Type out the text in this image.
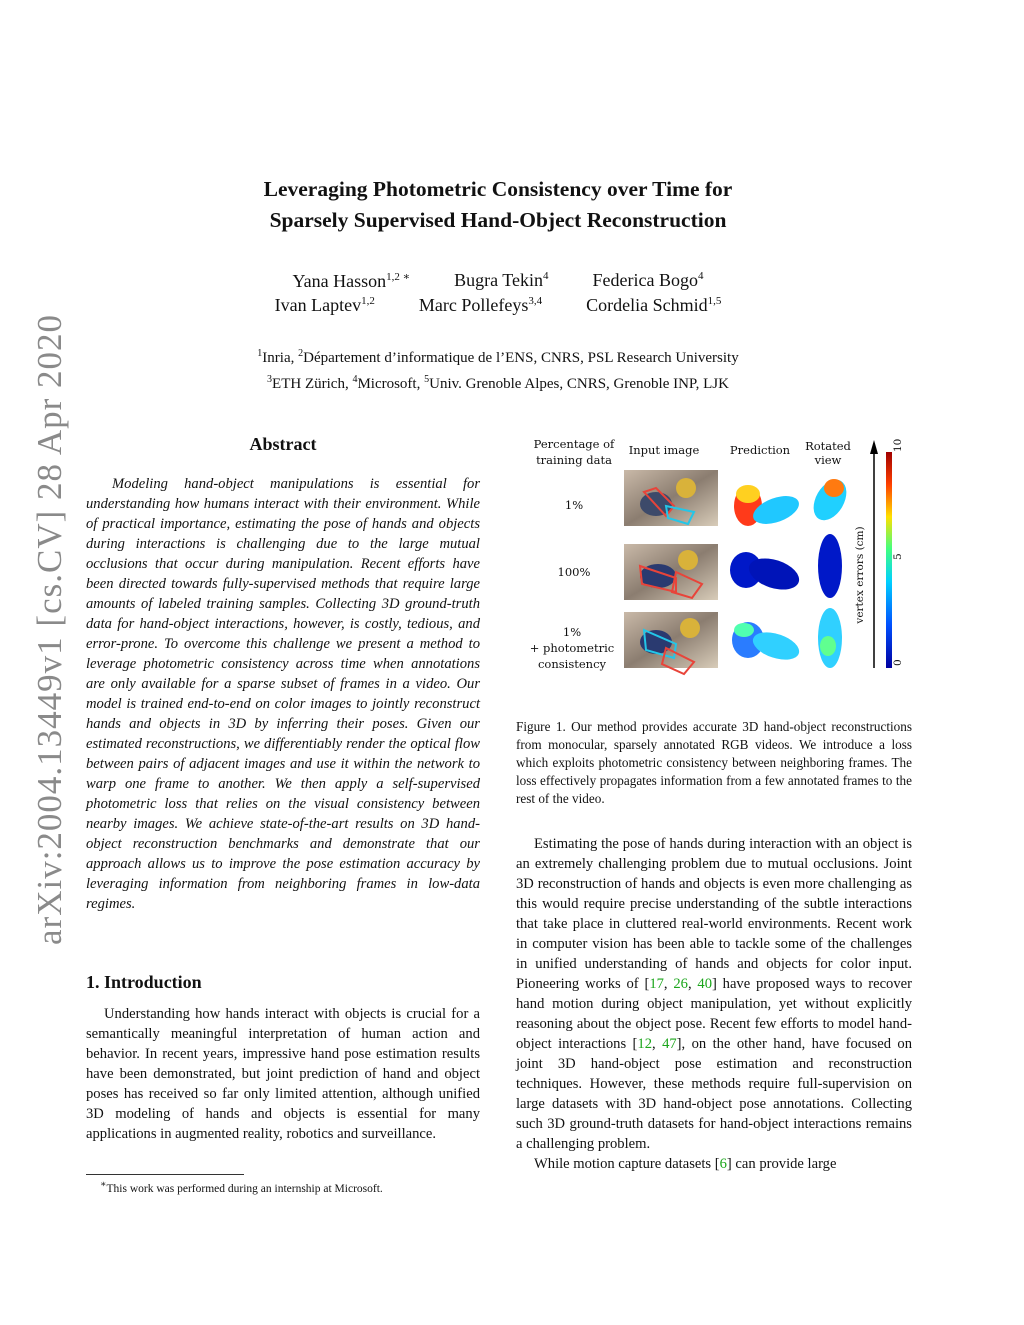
arXiv:2004.13449v1 [cs.CV] 28 Apr 2020
Leveraging Photometric Consistency over Time for
Sparsely Supervised Hand-Object Reconstruction
Yana Hasson$^{1,2 ∗}$ Bugra Tekin$^4$ Federica Bogo$^4$
Ivan Laptev$^{1,2}$ Marc Pollefeys$^{3,4}$ Cordelia Schmid$^{1,5}$
$^1$Inria, $^2$Département d’informatique de l’ENS, CNRS, PSL Research University
$^3$ETH Zürich, $^4$Microsoft, $^5$Univ. Grenoble Alpes, CNRS, Grenoble INP, LJK
Abstract

Modeling hand-object manipulations is essential for understanding how humans interact with their environment. While of practical importance, estimating the pose of hands and objects during interactions is challenging due to the large mutual occlusions that occur during manipulation. Recent efforts have been directed towards fully-supervised methods that require large amounts of labeled training samples. Collecting 3D ground-truth data for hand-object interactions, however, is costly, tedious, and error-prone. To overcome this challenge we present a method to leverage photometric consistency across time when annotations are only available for a sparse subset of frames in a video. Our model is trained end-to-end on color images to jointly reconstruct hands and objects in 3D by inferring their poses. Given our estimated reconstructions, we differentiably render the optical flow between pairs of adjacent images and use it within the network to warp one frame to another. We then apply a self-supervised photometric loss that relies on the visual consistency between nearby images. We achieve state-of-the-art results on 3D hand-object reconstruction benchmarks and demonstrate that our approach allows us to improve the pose estimation accuracy by leveraging information from neighboring frames in low-data regimes.

1. Introduction

Understanding how hands interact with objects is crucial for a semantically meaningful interpretation of human action and behavior. In recent years, impressive hand pose estimation results have been demonstrated, but joint prediction of hand and object poses has received so far only limited attention, although unified 3D modeling of hands and objects is essential for many applications in augmented reality, robotics and surveillance.

∗This work was performed during an internship at Microsoft.
Percentage of
training data
Input image	Prediction	Rotated
view
1%
100%
1%
+ photometric
consistency
vertex errors (cm)
10
5
0

Figure 1. Our method provides accurate 3D hand-object reconstructions from monocular, sparsely annotated RGB videos. We introduce a loss which exploits photometric consistency between neighboring frames. The loss effectively propagates information from a few annotated frames to the rest of the video.

Estimating the pose of hands during interaction with an object is an extremely challenging problem due to mutual occlusions. Joint 3D reconstruction of hands and objects is even more challenging as this would require precise understanding of the subtle interactions that take place in cluttered real-world environments. Recent work in computer vision has been able to tackle some of the challenges in unified understanding of hands and objects for color input. Pioneering works of [17, 26, 40] have proposed ways to recover hand motion during object manipulation, yet without explicitly reasoning about the object pose. Recent few efforts to model hand-object interactions [12, 47], on the other hand, have focused on joint 3D hand-object pose estimation and reconstruction techniques. However, these methods require full-supervision on large datasets with 3D hand-object pose annotations. Collecting such 3D ground-truth datasets for hand-object interactions remains a challenging problem.
While motion capture datasets [6] can provide large
